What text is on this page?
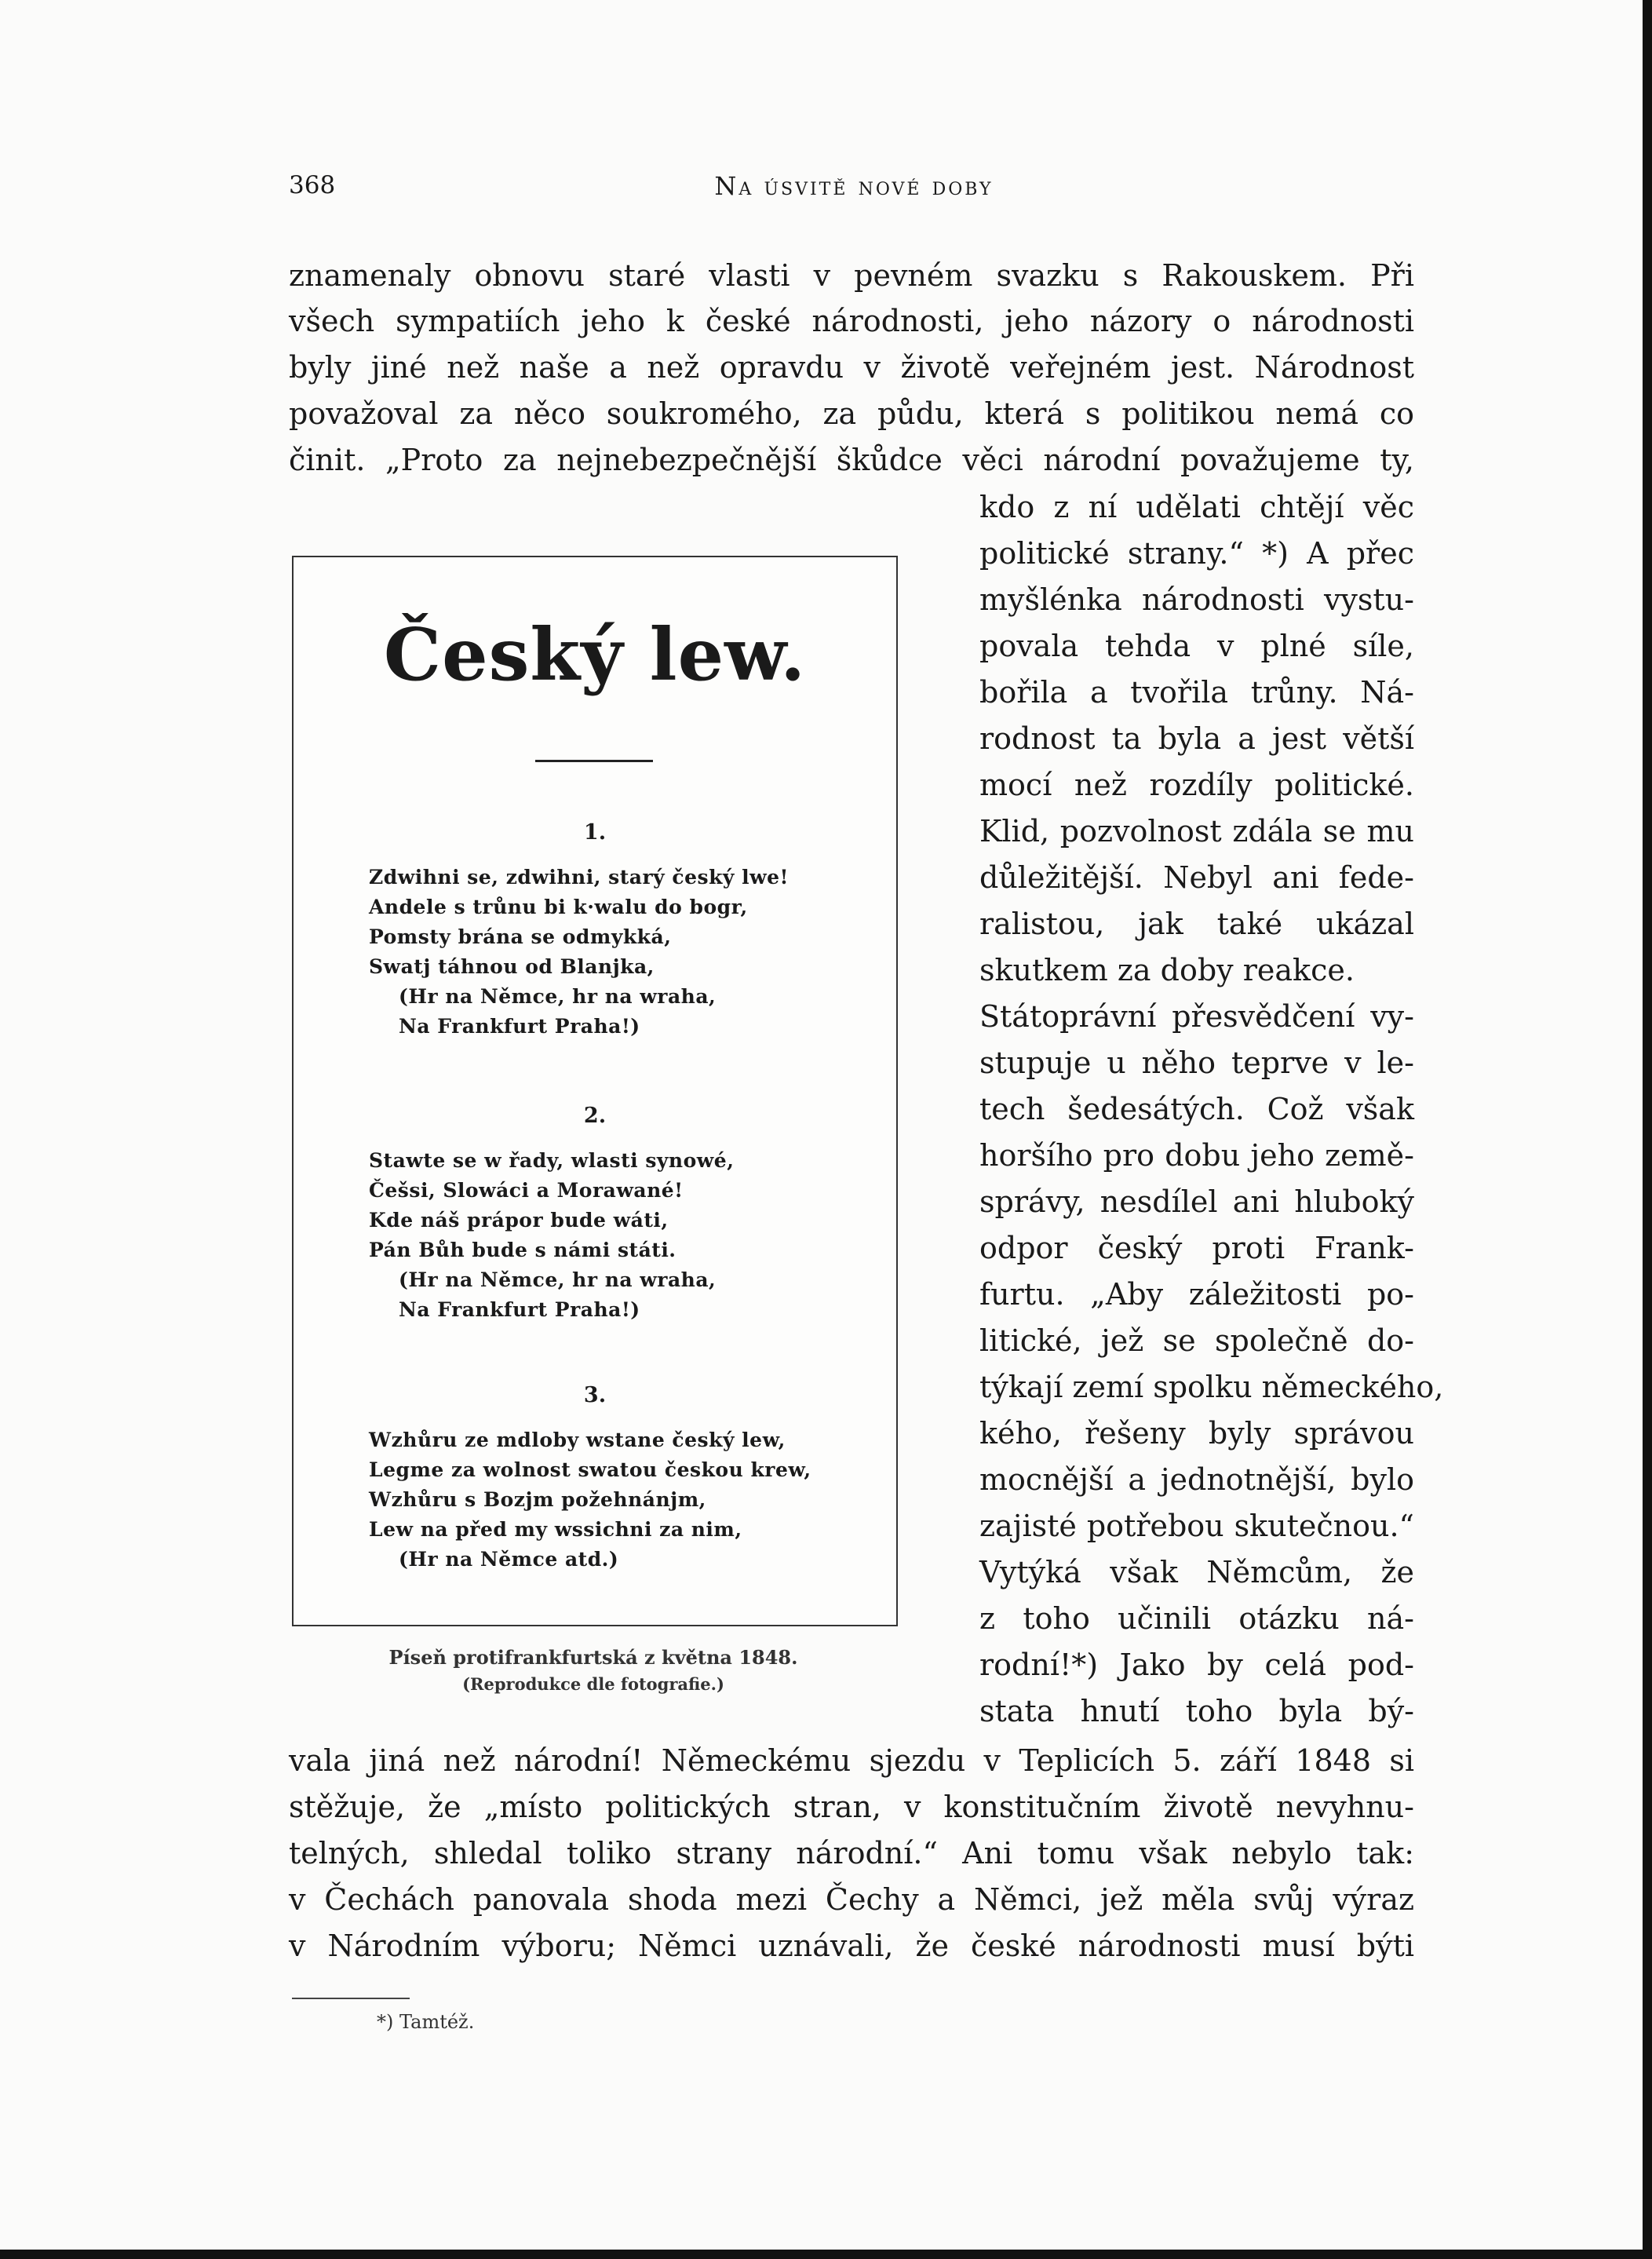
368	Na úsvitě nové doby
znamenaly obnovu staré vlasti v pevném svazku s Rakouskem. Při
všech sympatiích jeho k české národnosti, jeho názory o národnosti
byly jiné než naše a než opravdu v životě veřejném jest. Národnost
považoval za něco soukromého, za půdu, která s politikou nemá co
činit. „Proto za nejnebezpečnější škůdce věci národní považujeme ty,
kdo z ní udělati chtějí věc
politické strany.“ *) A přec
myšlénka národnosti vystu-
povala tehda v plné síle,
bořila a tvořila trůny. Ná-
rodnost ta byla a jest větší
mocí než rozdíly politické.
Klid, pozvolnost zdála se mu
důležitější. Nebyl ani fede-
ralistou, jak také ukázal
skutkem za doby reakce.
Státoprávní přesvědčení vy-
stupuje u něho teprve v le-
tech šedesátých. Což však
horšího pro dobu jeho země-
správy, nesdílel ani hluboký
odpor český proti Frank-
furtu. „Aby záležitosti po-
litické, jež se společně do-
týkají zemí spolku německého,
kého, řešeny byly správou
mocnější a jednotnější, bylo
zajisté potřebou skutečnou.“
Vytýká však Němcům, že
z toho učinili otázku ná-
rodní!*) Jako by celá pod-
stata hnutí toho byla bý-
vala jiná než národní! Německému sjezdu v Teplicích 5. září 1848 si
stěžuje, že „místo politických stran, v konstitučním životě nevyhnu-
telných, shledal toliko strany národní.“ Ani tomu však nebylo tak:
v Čechách panovala shoda mezi Čechy a Němci, jež měla svůj výraz
v Národním výboru; Němci uznávali, že české národnosti musí býti
Český lew.
1.
Zdwihni se, zdwihni, starý český lwe!
Andele s trůnu bi k·walu do bogr,
Pomsty brána se odmykká,
Swatj táhnou od Blanjka,
(Hr na Němce, hr na wraha,
Na Frankfurt Praha!)
2.
Stawte se w řady, wlasti synowé,
Češsi, Slowáci a Morawané!
Kde náš prápor bude wáti,
Pán Bůh bude s námi státi.
(Hr na Němce, hr na wraha,
Na Frankfurt Praha!)
3.
Wzhůru ze mdloby wstane český lew,
Legme za wolnost swatou českou krew,
Wzhůru s Bozjm požehnánjm,
Lew na před my wssichni za nim,
(Hr na Němce atd.)
Píseň protifrankfurtská z května 1848.
(Reprodukce dle fotografie.)
*) Tamtéž.
